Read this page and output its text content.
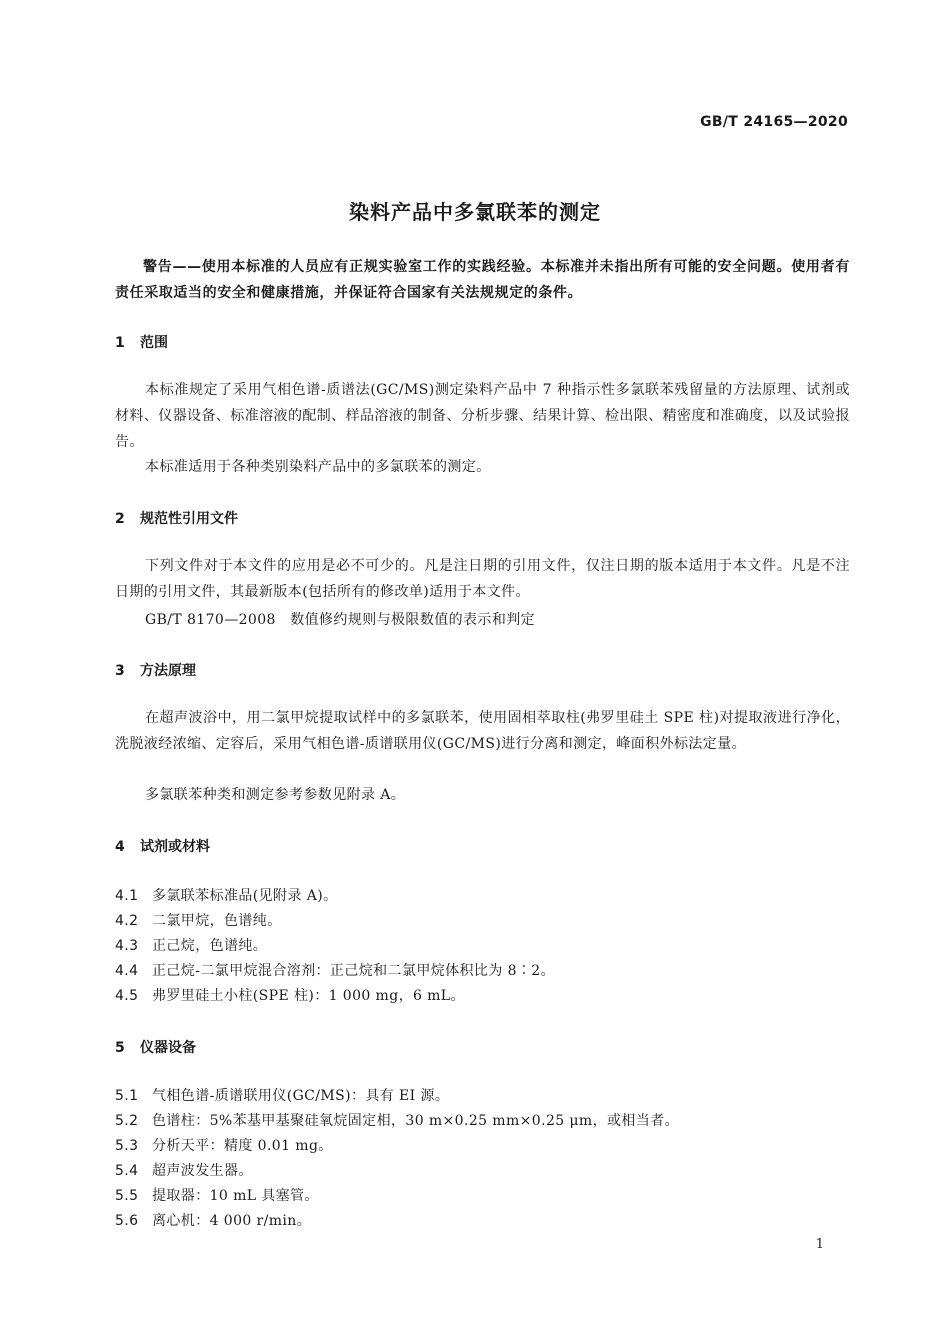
GB/T 24165—2020
染料产品中多氯联苯的测定

警告——使用本标准的人员应有正规实验室工作的实践经验。本标准并未指出所有可能的安全问题。使用者有责任采取适当的安全和健康措施，并保证符合国家有关法规规定的条件。

1 范围

本标准规定了采用气相色谱-质谱法(GC/MS)测定染料产品中 7 种指示性多氯联苯残留量的方法原理、试剂或材料、仪器设备、标准溶液的配制、样品溶液的制备、分析步骤、结果计算、检出限、精密度和准确度，以及试验报告。

本标准适用于各种类别染料产品中的多氯联苯的测定。

2 规范性引用文件

下列文件对于本文件的应用是必不可少的。凡是注日期的引用文件，仅注日期的版本适用于本文件。凡是不注日期的引用文件，其最新版本(包括所有的修改单)适用于本文件。

GB/T 8170—2008　数值修约规则与极限数值的表示和判定

3 方法原理

在超声波浴中，用二氯甲烷提取试样中的多氯联苯，使用固相萃取柱(弗罗里硅土 SPE 柱)对提取液进行净化，洗脱液经浓缩、定容后，采用气相色谱-质谱联用仪(GC/MS)进行分离和测定，峰面积外标法定量。

多氯联苯种类和测定参考参数见附录 A。

4 试剂或材料
4.1 多氯联苯标准品(见附录 A)。
4.2 二氯甲烷，色谱纯。
4.3 正己烷，色谱纯。
4.4 正己烷-二氯甲烷混合溶剂：正己烷和二氯甲烷体积比为 8∶2。
4.5 弗罗里硅土小柱(SPE 柱)：1 000 mg，6 mL。
5 仪器设备
5.1 气相色谱-质谱联用仪(GC/MS)：具有 EI 源。
5.2 色谱柱：5%苯基甲基聚硅氧烷固定相，30 m×0.25 mm×0.25 μm，或相当者。
5.3 分析天平：精度 0.01 mg。
5.4 超声波发生器。
5.5 提取器：10 mL 具塞管。
5.6 离心机：4 000 r/min。
1
